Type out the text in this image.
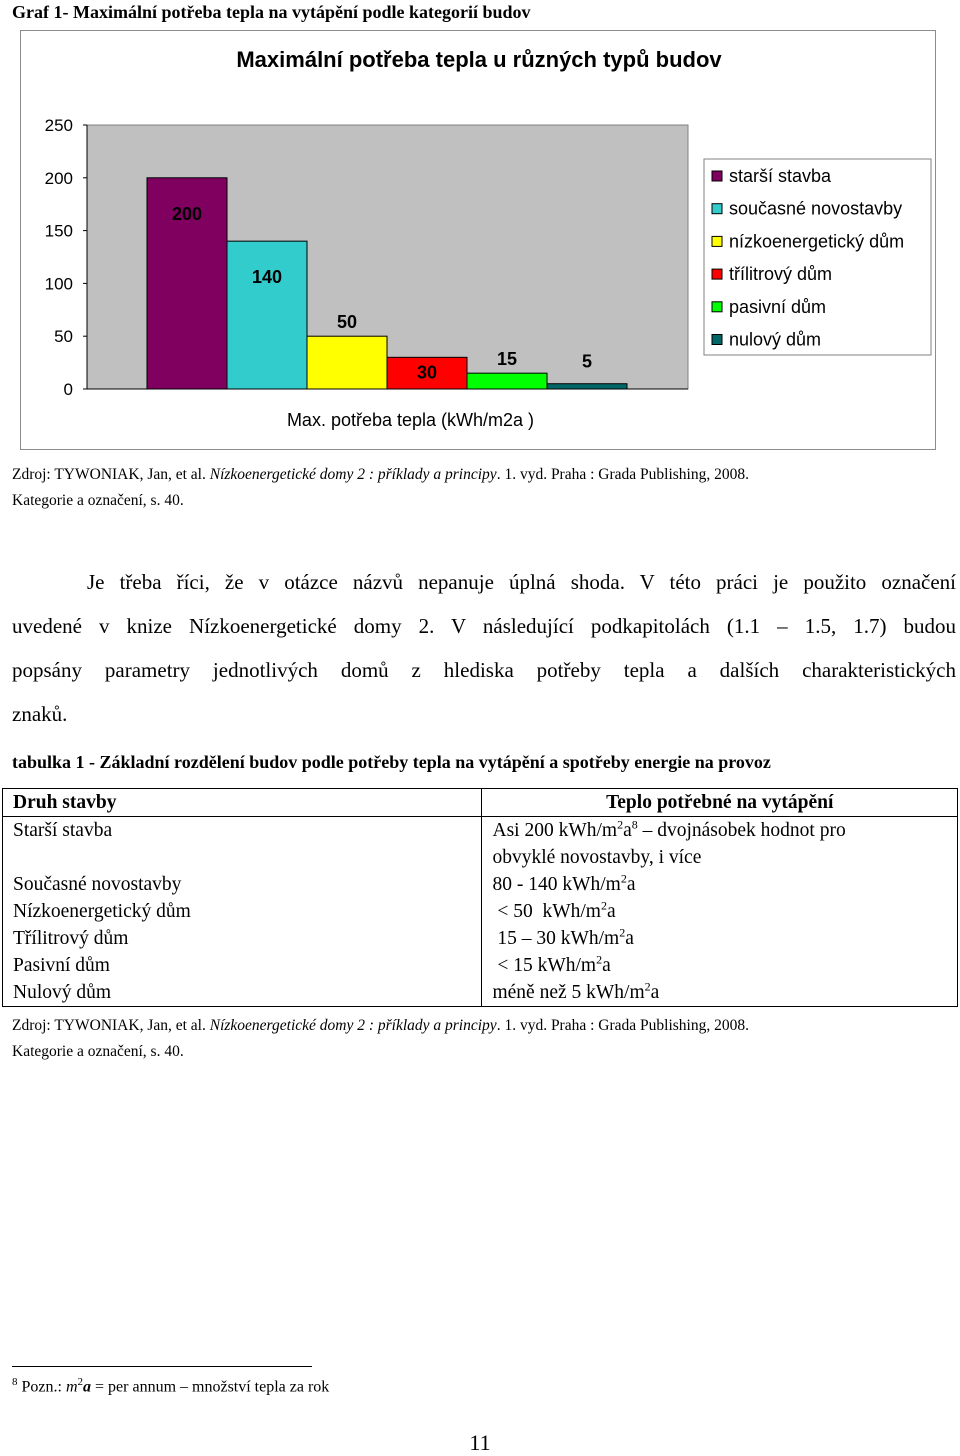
Graf 1- Maximální potřeba tepla na vytápění podle kategorií budov
Maximální potřeba tepla u různých typů budov
0
50
100
150
200
250
200
140
50
30
15	5
Max. potřeba tepla (kWh/m2a )
starší stavba
současné novostavby
nízkoenergetický dům
třílitrový dům
pasivní dům
nulový dům
Zdroj: TYWONIAK, Jan, et al. Nízkoenergetické domy 2 : příklady a principy. 1. vyd. Praha : Grada Publishing, 2008.
Kategorie a označení, s. 40.

Je třeba říci, že v otázce názvů nepanuje úplná shoda. V této práci je použito označení

uvedené v knize Nízkoenergetické domy 2. V následující podkapitolách (1.1 – 1.5, 1.7) budou

popsány parametry jednotlivých domů z hlediska potřeby tepla a dalších charakteristických

znaků.

tabulka 1 - Základní rozdělení budov podle potřeby tepla na vytápění a spotřeby energie na provoz
Druh stavby	Teplo potřebné na vytápění
Starší stavba	Asi 200 kWh/$m^2a^8$ – dvojnásobek hodnot pro
obvyklé novostavby, i více
Současné novostavby	80 - 140 kWh/$m^2a$
Nízkoenergetický dům	< 50  kWh/$m^2a$
Třílitrový dům	15 – 30 kWh/$m^2a$
Pasivní dům	< 15 kWh/$m^2a$
Nulový dům	méně než 5 kWh/$m^2a$
Zdroj: TYWONIAK, Jan, et al. Nízkoenergetické domy 2 : příklady a principy. 1. vyd. Praha : Grada Publishing, 2008.
Kategorie a označení, s. 40.
$^8$ Pozn.: $m^2a$ = per annum – množství tepla za rok
11
